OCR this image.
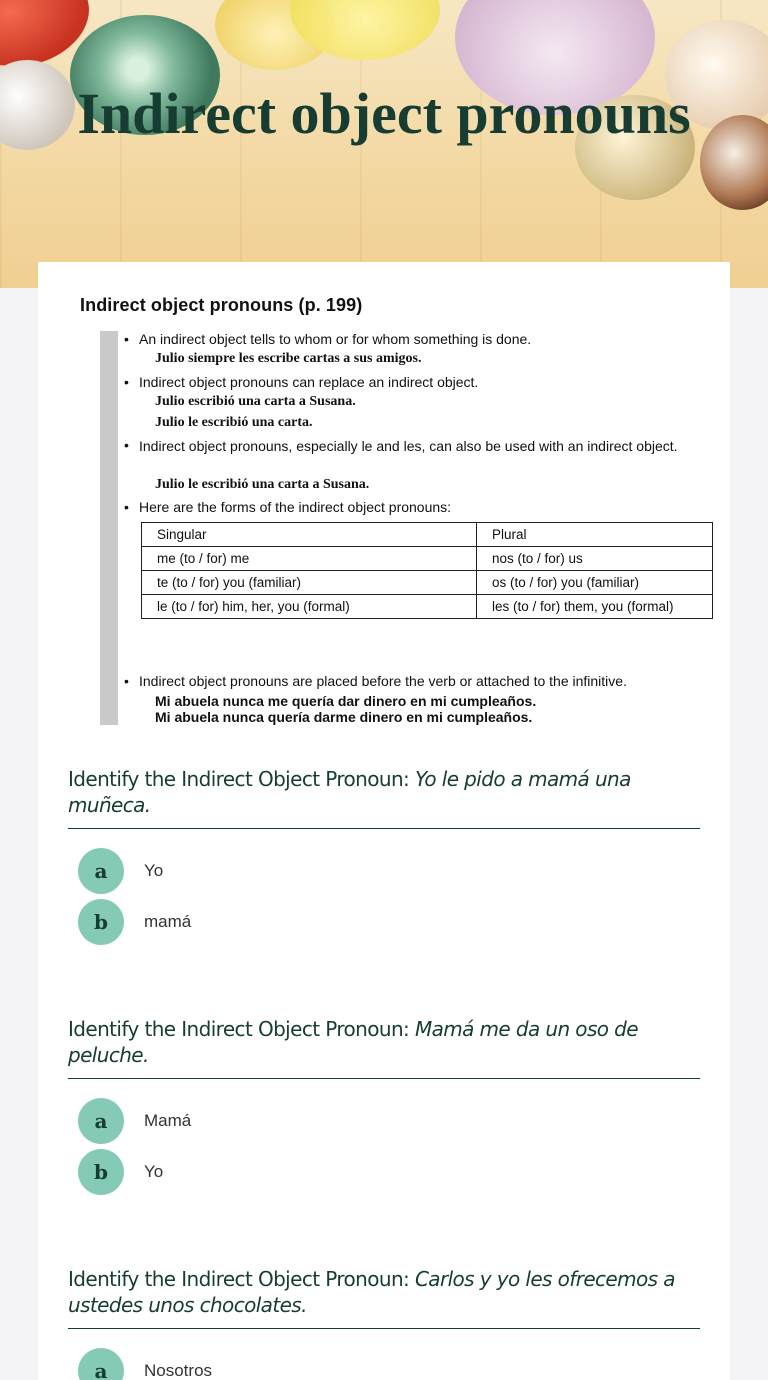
Indirect object pronouns
Indirect object pronouns (p. 199)
• An indirect object tells to whom or for whom something is done.
Julio siempre les escribe cartas a sus amigos.
• Indirect object pronouns can replace an indirect object.
Julio escribió una carta a Susana.
Julio le escribió una carta.
• Indirect object pronouns, especially le and les, can also be used with an indirect object.
Julio le escribió una carta a Susana.
• Here are the forms of the indirect object pronouns:
Singular	Plural
me (to / for) me	nos (to / for) us
te (to / for) you (familiar)	os (to / for) you (familiar)
le (to / for) him, her, you (formal)	les (to / for) them, you (formal)
• Indirect object pronouns are placed before the verb or attached to the infinitive.
Mi abuela nunca me quería dar dinero en mi cumpleaños.
Mi abuela nunca quería darme dinero en mi cumpleaños.
Identify the Indirect Object Pronoun: Yo le pido a mamá una muñeca.
a	Yo
b	mamá
Identify the Indirect Object Pronoun: Mamá me da un oso de peluche.
a	Mamá
b	Yo
Identify the Indirect Object Pronoun: Carlos y yo les ofrecemos a ustedes unos chocolates.
a	Nosotros
